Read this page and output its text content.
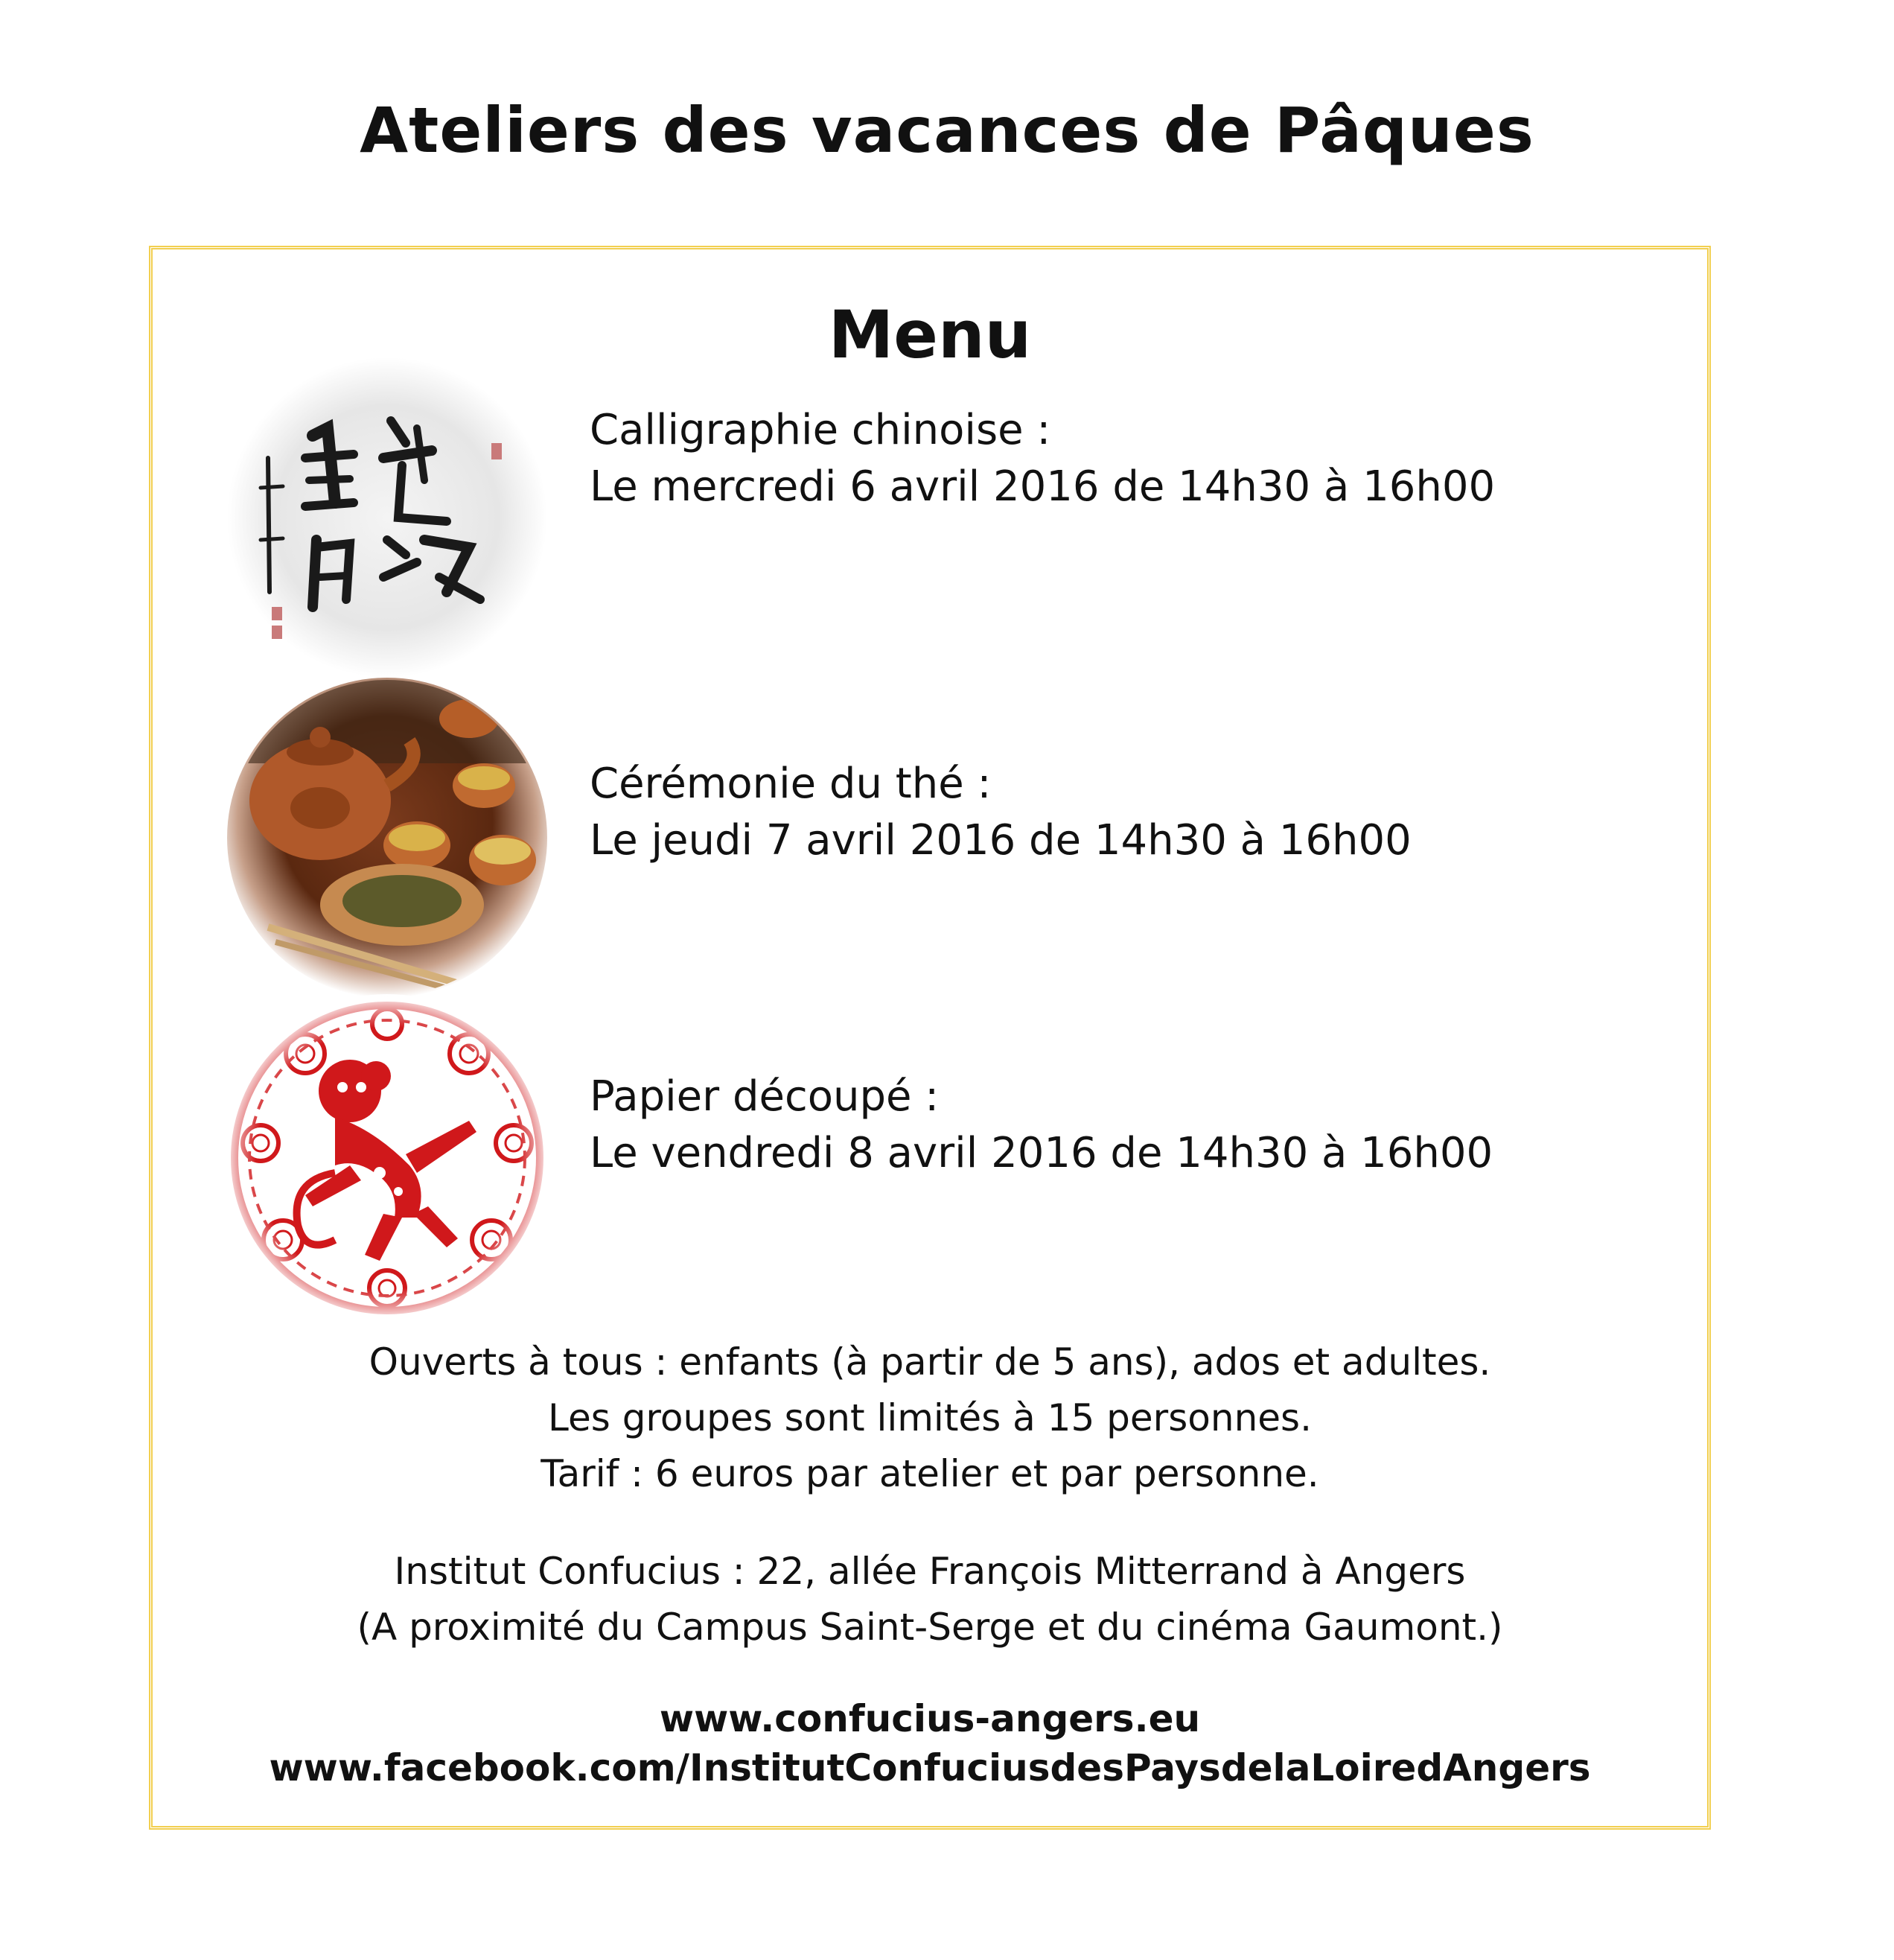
Ateliers des vacances de Pâques
Menu
Calligraphie chinoise :
Le mercredi 6 avril 2016 de 14h30 à 16h00
Cérémonie du thé :
Le jeudi 7 avril 2016 de 14h30 à 16h00
Papier découpé :
Le vendredi 8 avril 2016 de 14h30 à 16h00
Ouverts à tous : enfants (à partir de 5 ans), ados et adultes.
Les groupes sont limités à 15 personnes.
Tarif : 6 euros par atelier et par personne.
Institut Confucius : 22, allée François Mitterrand à Angers
(A proximité du Campus Saint-Serge et du cinéma Gaumont.)
www.confucius-angers.eu
www.facebook.com/InstitutConfuciusdesPaysdelaLoiredAngers
